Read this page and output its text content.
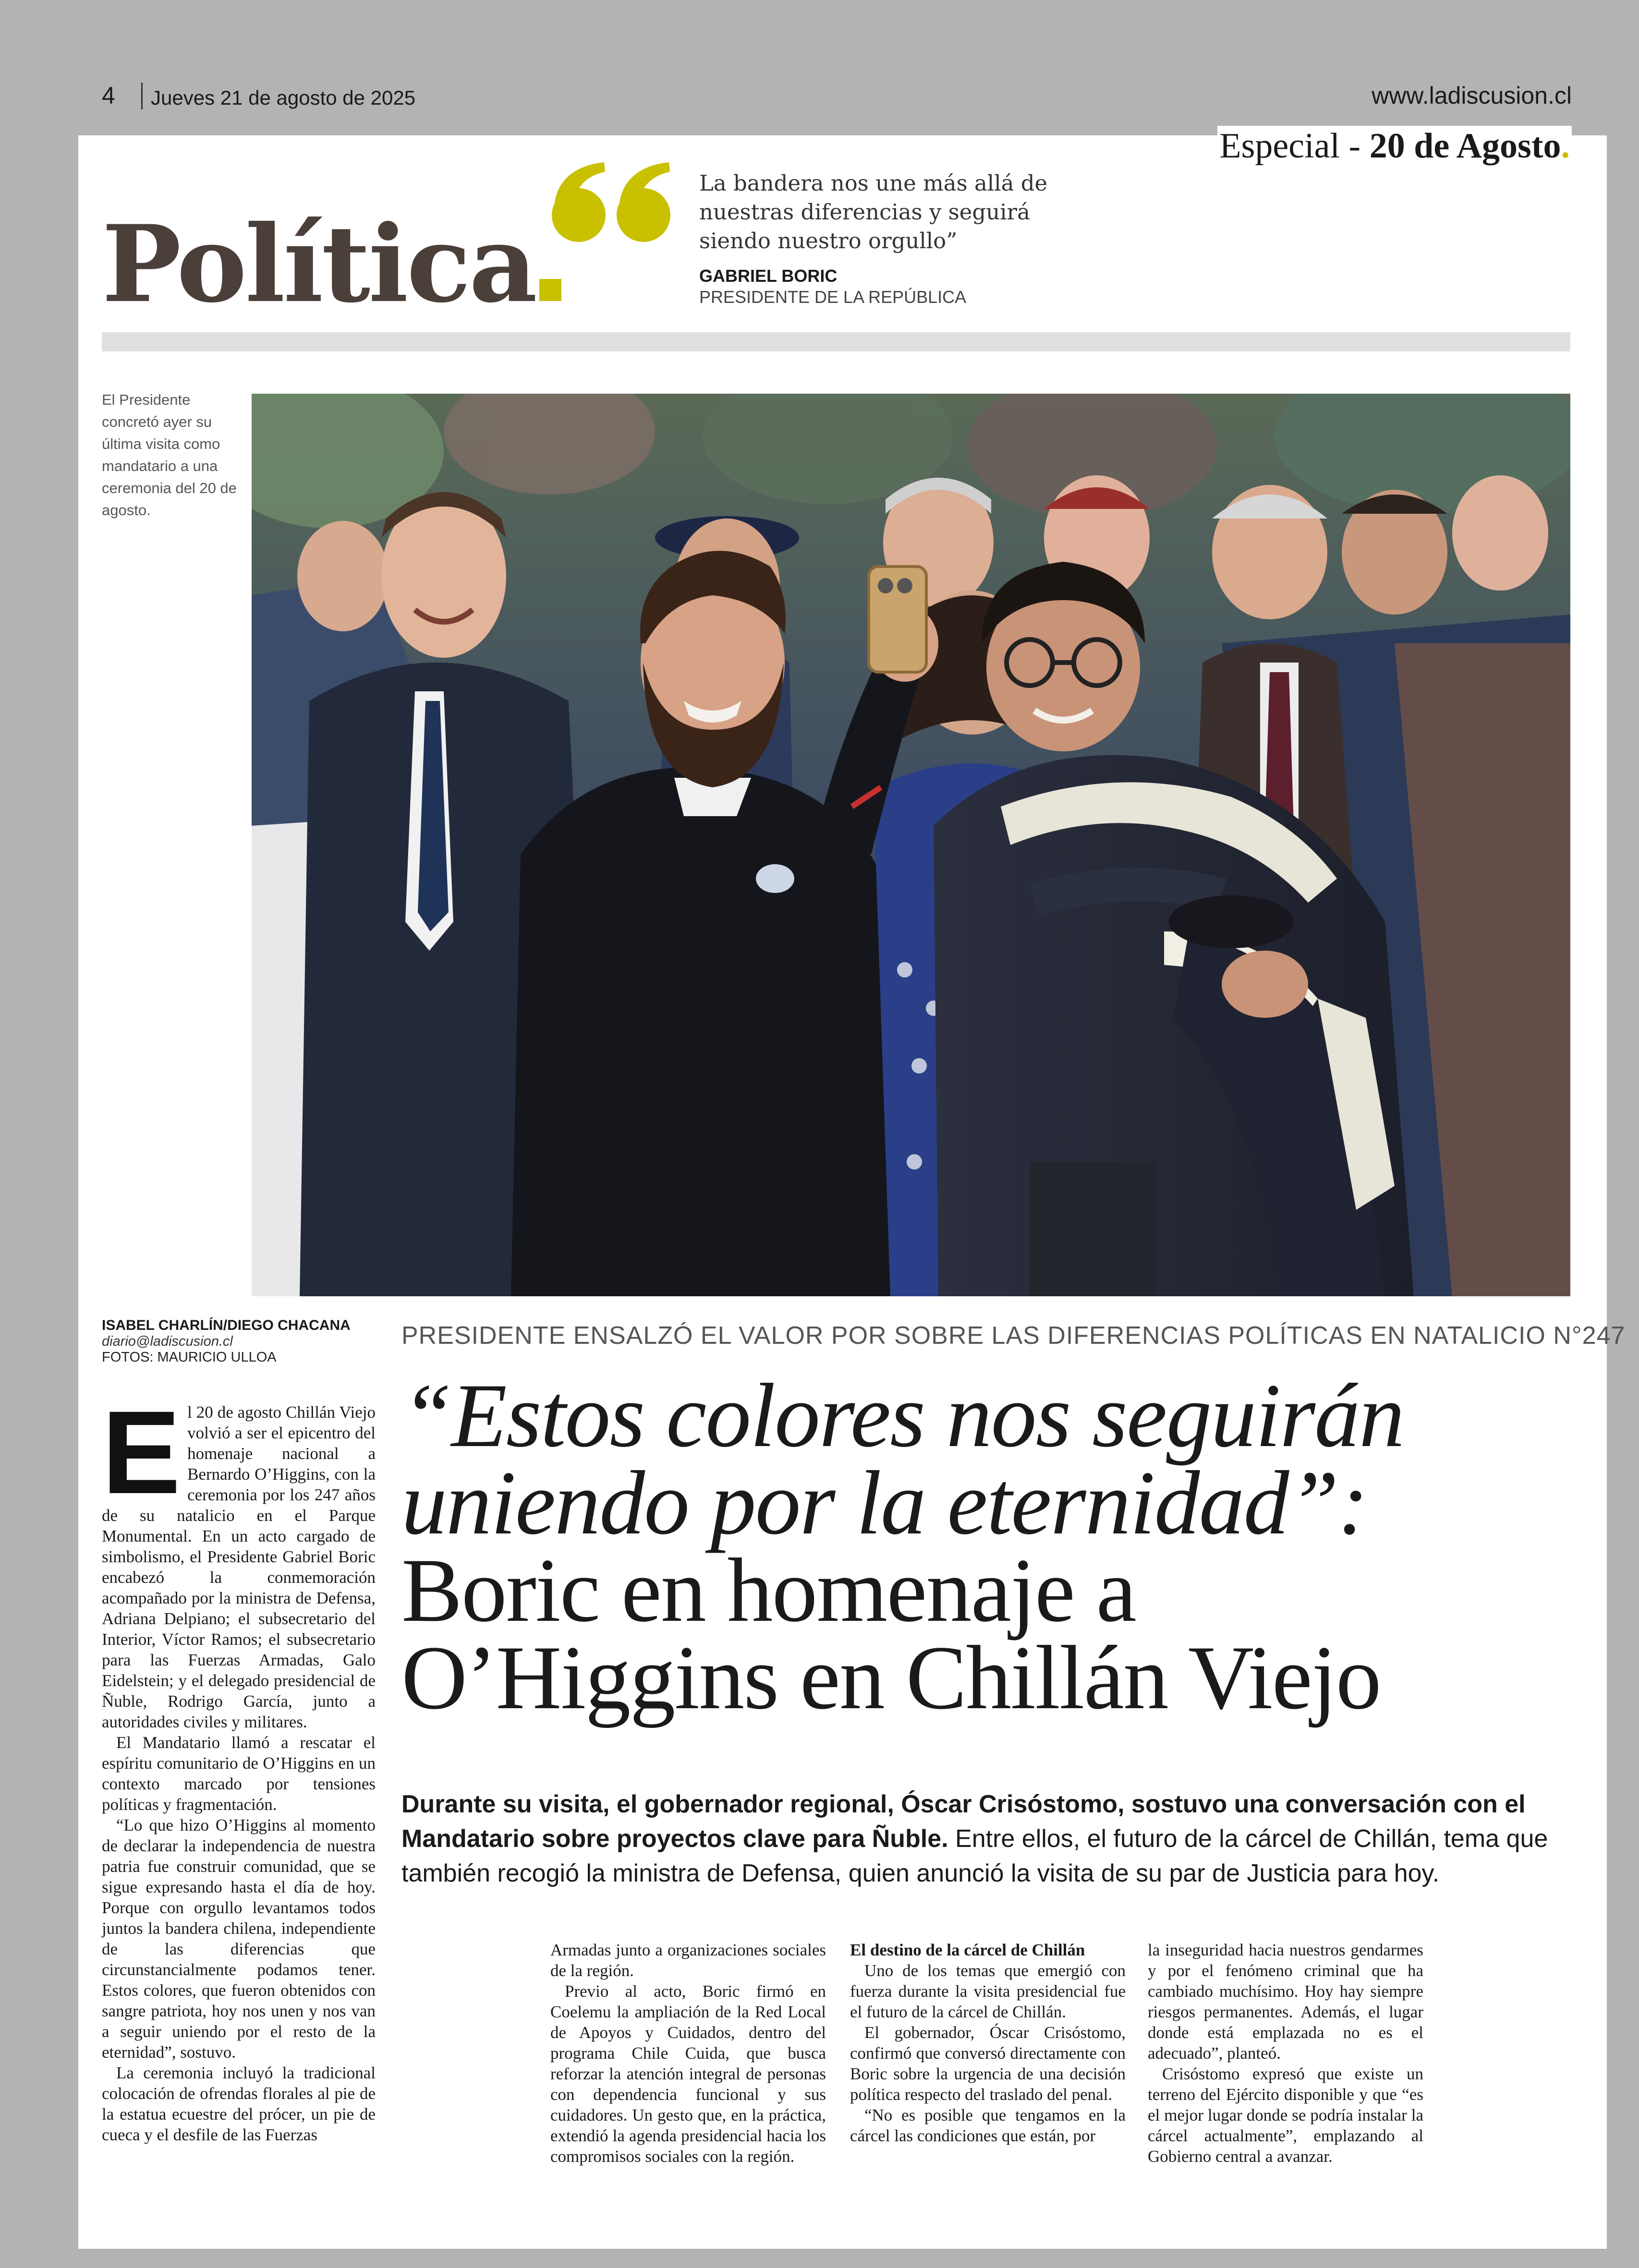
4 Jueves 21 de agosto de 2025	www.ladiscusion.cl
Especial - 20 de Agosto.
Política
La bandera nos une más allá de nuestras diferencias y seguirá siendo nuestro orgullo”
GABRIEL BORIC
PRESIDENTE DE LA REPÚBLICA
El Presidente concretó ayer su última visita como mandatario a una ceremonia del 20 de agosto.
ISABEL CHARLÍN/DIEGO CHACANA
diario@ladiscusion.cl
FOTOS: MAURICIO ULLOA
PRESIDENTE ENSALZÓ EL VALOR POR SOBRE LAS DIFERENCIAS POLÍTICAS EN NATALICIO N°247
“Estos colores nos seguirán
uniendo por la eternidad”:
Boric en homenaje a
O’Higgins en Chillán Viejo
Durante su visita, el gobernador regional, Óscar Crisóstomo, sostuvo una conversación con el Mandatario sobre proyectos clave para Ñuble. Entre ellos, el futuro de la cárcel de Chillán, tema que también recogió la ministra de Defensa, quien anunció la visita de su par de Justicia para hoy.

El 20 de agosto Chillán Viejo volvió a ser el epicentro del homenaje nacional a Bernardo O’Higgins, con la ceremonia por los 247 años de su natalicio en el Parque Monumental. En un acto cargado de simbolismo, el Presidente Gabriel Boric encabezó la conmemoración acompañado por la ministra de Defensa, Adriana Delpiano; el subsecretario del Interior, Víctor Ramos; el subsecretario para las Fuerzas Armadas, Galo Eidelstein; y el delegado presidencial de Ñuble, Rodrigo García, junto a autoridades civiles y militares.

El Mandatario llamó a rescatar el espíritu comunitario de O’Higgins en un contexto marcado por tensiones políticas y fragmentación.

“Lo que hizo O’Higgins al momento de declarar la independencia de nuestra patria fue construir comunidad, que se sigue expresando hasta el día de hoy. Porque con orgullo levantamos todos juntos la bandera chilena, independiente de las diferencias que circunstancialmente podamos tener. Estos colores, que fueron obtenidos con sangre patriota, hoy nos unen y nos van a seguir uniendo por el resto de la eternidad”, sostuvo.

La ceremonia incluyó la tradicional colocación de ofrendas florales al pie de la estatua ecuestre del prócer, un pie de cueca y el desfile de las Fuerzas

Armadas junto a organizaciones sociales de la región.

Previo al acto, Boric firmó en Coelemu la ampliación de la Red Local de Apoyos y Cuidados, dentro del programa Chile Cuida, que busca reforzar la atención integral de personas con dependencia funcional y sus cuidadores. Un gesto que, en la práctica, extendió la agenda presidencial hacia los compromisos sociales con la región.

El destino de la cárcel de Chillán

Uno de los temas que emergió con fuerza durante la visita presidencial fue el futuro de la cárcel de Chillán.

El gobernador, Óscar Crisóstomo, confirmó que conversó directamente con Boric sobre la urgencia de una decisión política respecto del traslado del penal.

“No es posible que tengamos en la cárcel las condiciones que están, por

la inseguridad hacia nuestros gendarmes y por el fenómeno criminal que ha cambiado muchísimo. Hoy hay siempre riesgos permanentes. Además, el lugar donde está emplazada no es el adecuado”, planteó.

Crisóstomo expresó que existe un terreno del Ejército disponible y que “es el mejor lugar donde se podría instalar la cárcel actualmente”, emplazando al Gobierno central a avanzar.
